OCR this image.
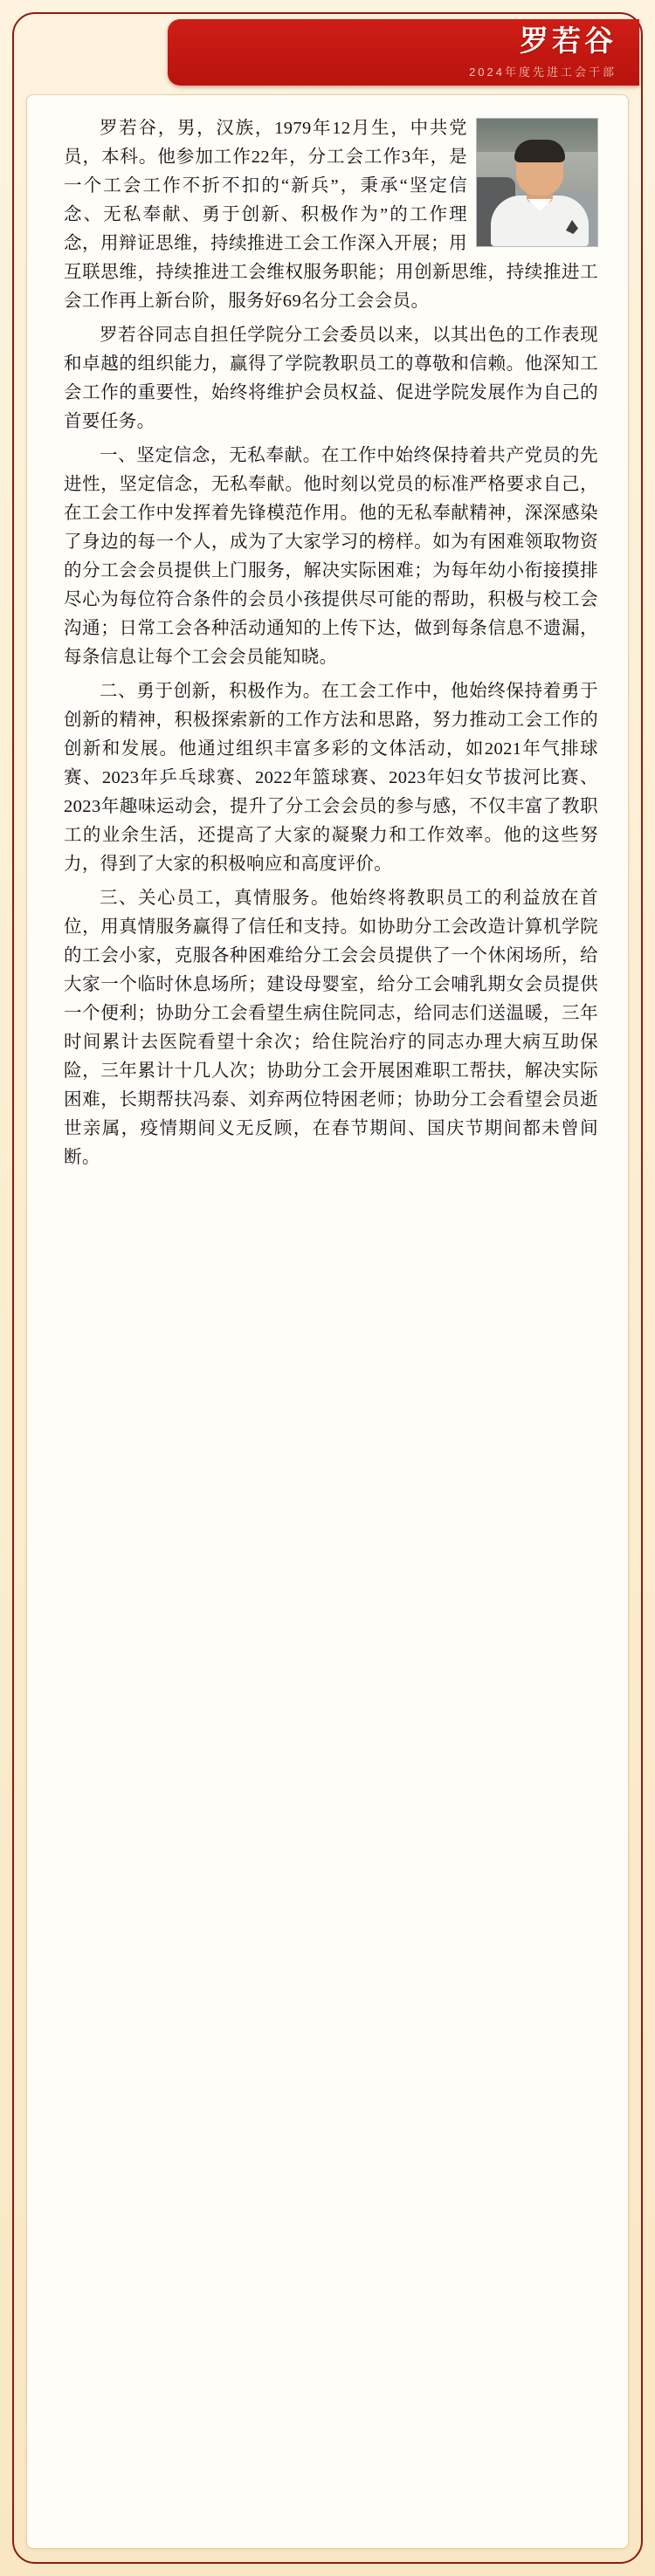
罗若谷
2024年度先进工会干部

罗若谷，男，汉族，1979年12月生，中共党员，本科。他参加工作22年，分工会工作3年，是一个工会工作不折不扣的“新兵”，秉承“坚定信念、无私奉献、勇于创新、积极作为”的工作理念，用辩证思维，持续推进工会工作深入开展；用互联思维，持续推进工会维权服务职能；用创新思维，持续推进工会工作再上新台阶，服务好69名分工会会员。

罗若谷同志自担任学院分工会委员以来，以其出色的工作表现和卓越的组织能力，赢得了学院教职员工的尊敬和信赖。他深知工会工作的重要性，始终将维护会员权益、促进学院发展作为自己的首要任务。

一、坚定信念，无私奉献。在工作中始终保持着共产党员的先进性，坚定信念，无私奉献。他时刻以党员的标准严格要求自己，在工会工作中发挥着先锋模范作用。他的无私奉献精神，深深感染了身边的每一个人，成为了大家学习的榜样。如为有困难领取物资的分工会会员提供上门服务，解决实际困难；为每年幼小衔接摸排尽心为每位符合条件的会员小孩提供尽可能的帮助，积极与校工会沟通；日常工会各种活动通知的上传下达，做到每条信息不遗漏，每条信息让每个工会会员能知晓。

二、勇于创新，积极作为。在工会工作中，他始终保持着勇于创新的精神，积极探索新的工作方法和思路，努力推动工会工作的创新和发展。他通过组织丰富多彩的文体活动，如2021年气排球赛、2023年乒乓球赛、2022年篮球赛、2023年妇女节拔河比赛、2023年趣味运动会，提升了分工会会员的参与感，不仅丰富了教职工的业余生活，还提高了大家的凝聚力和工作效率。他的这些努力，得到了大家的积极响应和高度评价。

三、关心员工，真情服务。他始终将教职员工的利益放在首位，用真情服务赢得了信任和支持。如协助分工会改造计算机学院的工会小家，克服各种困难给分工会会员提供了一个休闲场所，给大家一个临时休息场所；建设母婴室，给分工会哺乳期女会员提供一个便利；协助分工会看望生病住院同志，给同志们送温暖，三年时间累计去医院看望十余次；给住院治疗的同志办理大病互助保险，三年累计十几人次；协助分工会开展困难职工帮扶，解决实际困难，长期帮扶冯泰、刘弃两位特困老师；协助分工会看望会员逝世亲属，疫情期间义无反顾，在春节期间、国庆节期间都未曾间断。
